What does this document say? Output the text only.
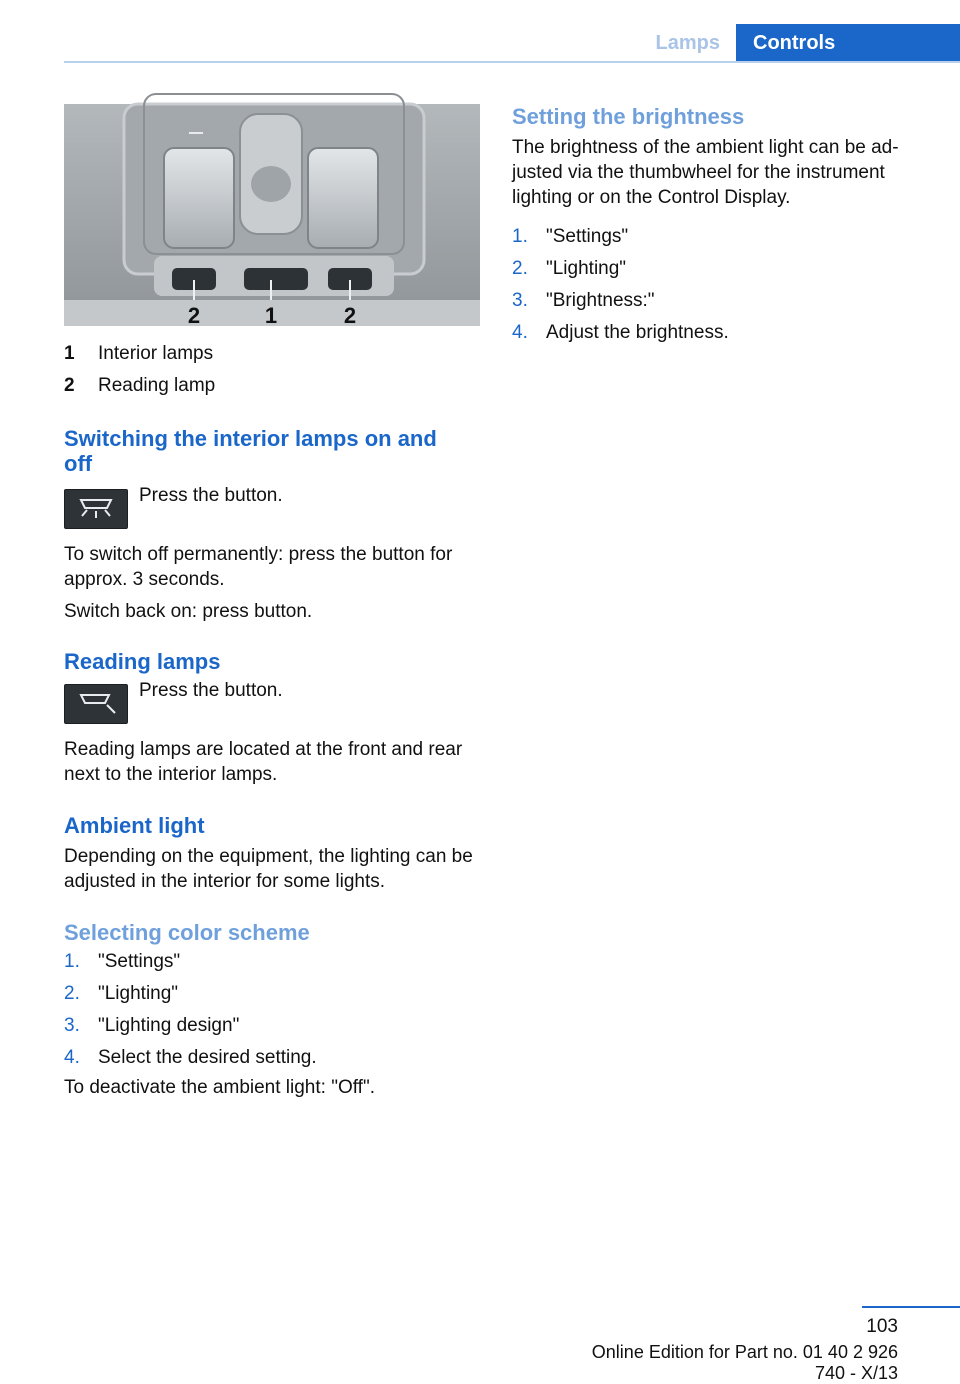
Lamps	Controls
2	1	2
1	Interior lamps
2	Reading lamp
Switching the interior lamps on and off
Press the button.
To switch off permanently: press the button for approx. 3 seconds.
Switch back on: press button.
Reading lamps
Press the button.
Reading lamps are located at the front and rear next to the interior lamps.
Ambient light
Depending on the equipment, the lighting can be adjusted in the interior for some lights.
Selecting color scheme
1. "Settings"
2. "Lighting"
3. "Lighting design"
4. Select the desired setting.
To deactivate the ambient light: "Off".
Setting the brightness
The brightness of the ambient light can be ad‐justed via the thumbwheel for the instrument lighting or on the Control Display.
1. "Settings"
2. "Lighting"
3. "Brightness:"
4. Adjust the brightness.
103
Online Edition for Part no. 01 40 2 926 740 - X/13
